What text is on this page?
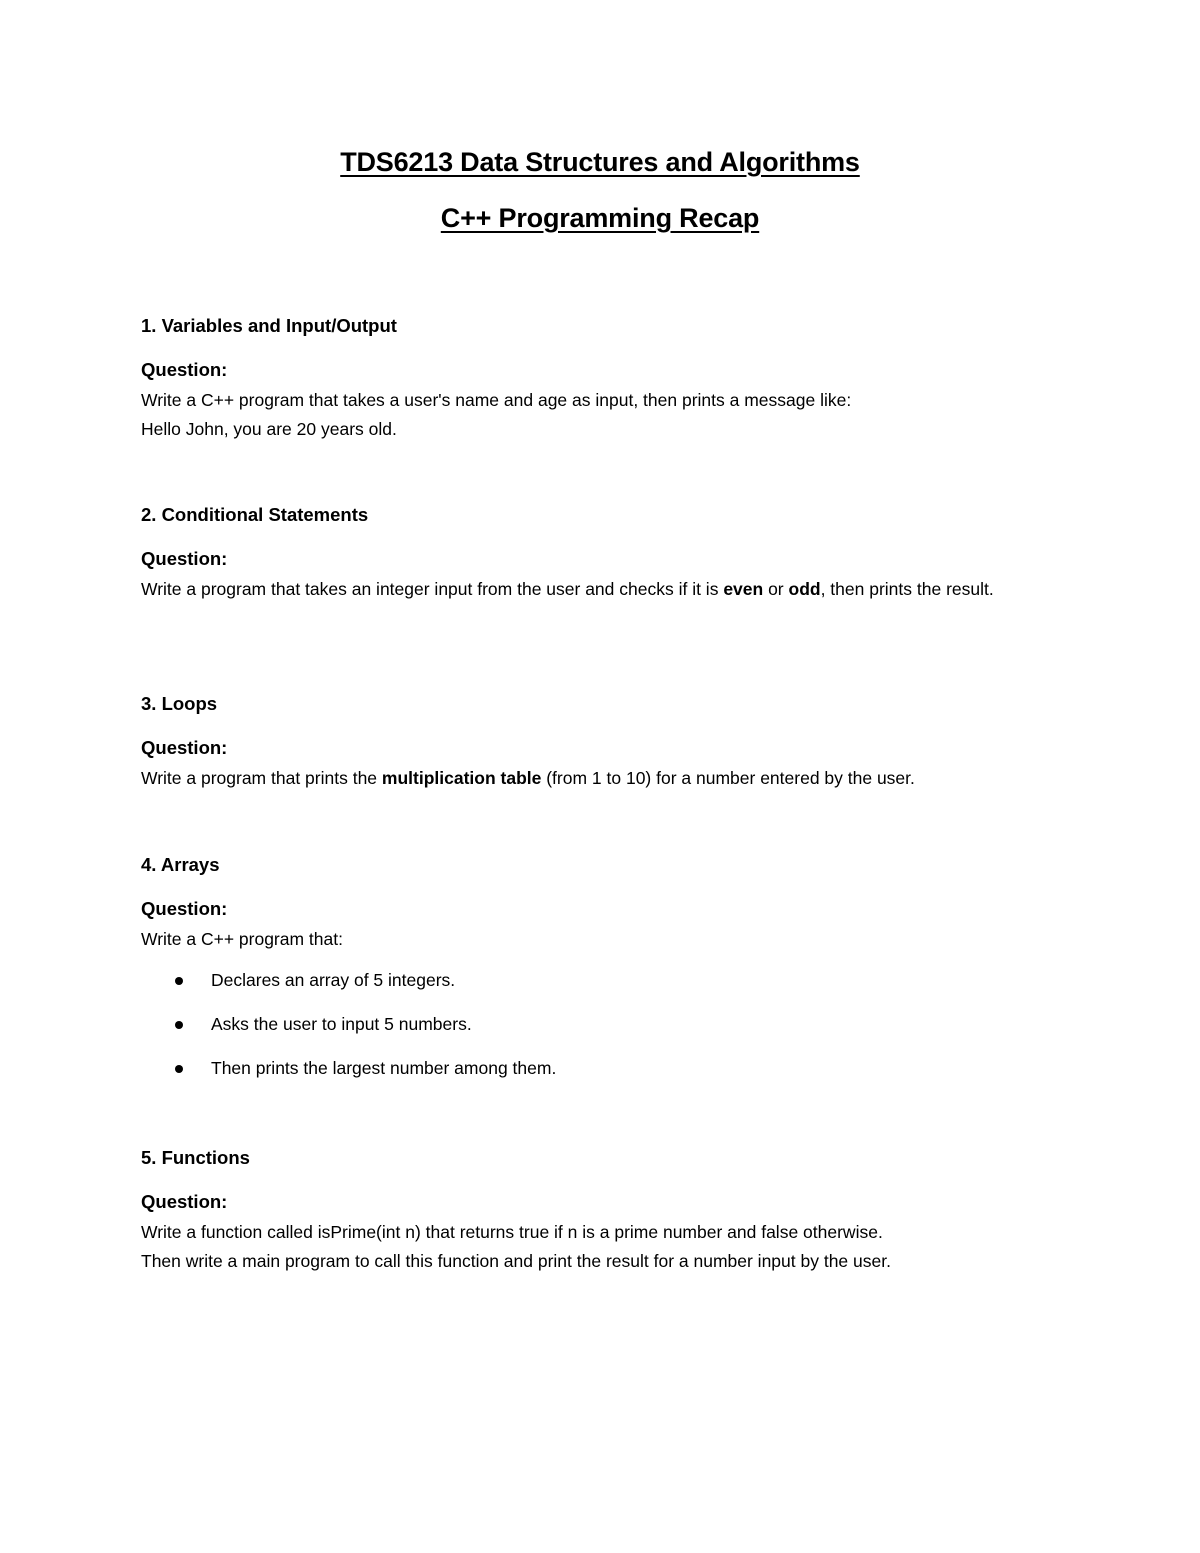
TDS6213 Data Structures and Algorithms
C++ Programming Recap

1. Variables and Input/Output

Question:

Write a C++ program that takes a user's name and age as input, then prints a message like:

Hello John, you are 20 years old.

2. Conditional Statements

Question:

Write a program that takes an integer input from the user and checks if it is even or odd, then prints the result.

3. Loops

Question:

Write a program that prints the multiplication table (from 1 to 10) for a number entered by the user.

4. Arrays

Question:

Write a C++ program that:

Declares an array of 5 integers.
Asks the user to input 5 numbers.
Then prints the largest number among them.

5. Functions

Question:

Write a function called isPrime(int n) that returns true if n is a prime number and false otherwise.

Then write a main program to call this function and print the result for a number input by the user.
